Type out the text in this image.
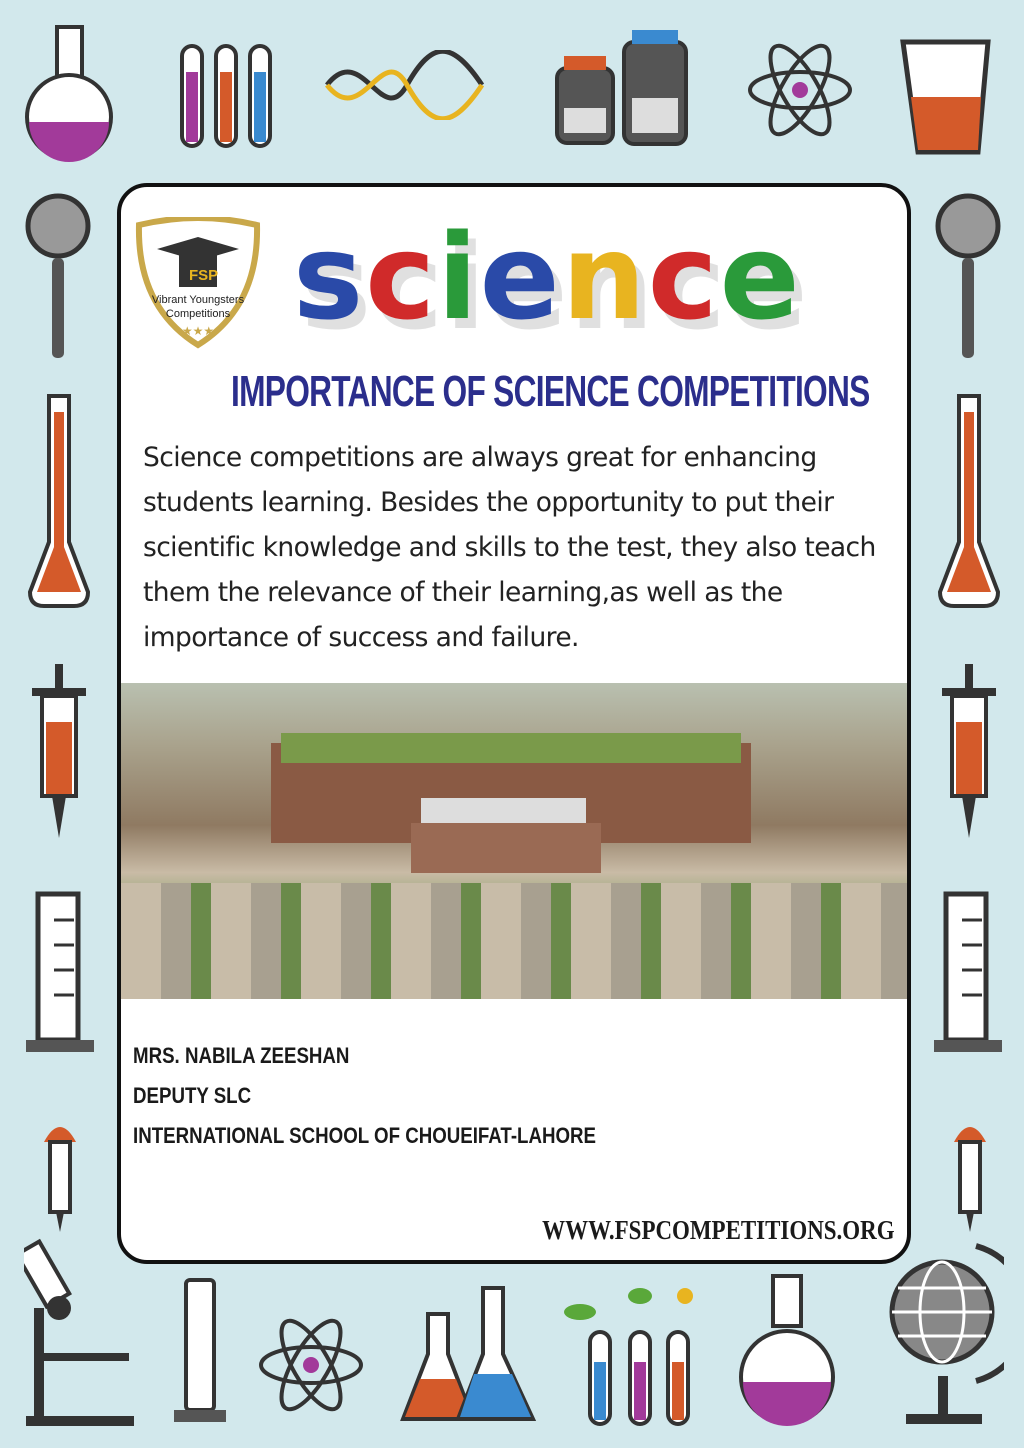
FSP
Vibrant Youngsters
Competitions
★★★ science
IMPORTANCE OF SCIENCE COMPETITIONS
Science competitions are always great for enhancing students learning. Besides the opportunity to put their scientific knowledge and skills to the test, they also teach them the relevance of their learning,as well as the importance of success and failure.
MRS. NABILA ZEESHAN
DEPUTY SLC
INTERNATIONAL SCHOOL OF CHOUEIFAT-LAHORE
WWW.FSPCOMPETITIONS.ORG
